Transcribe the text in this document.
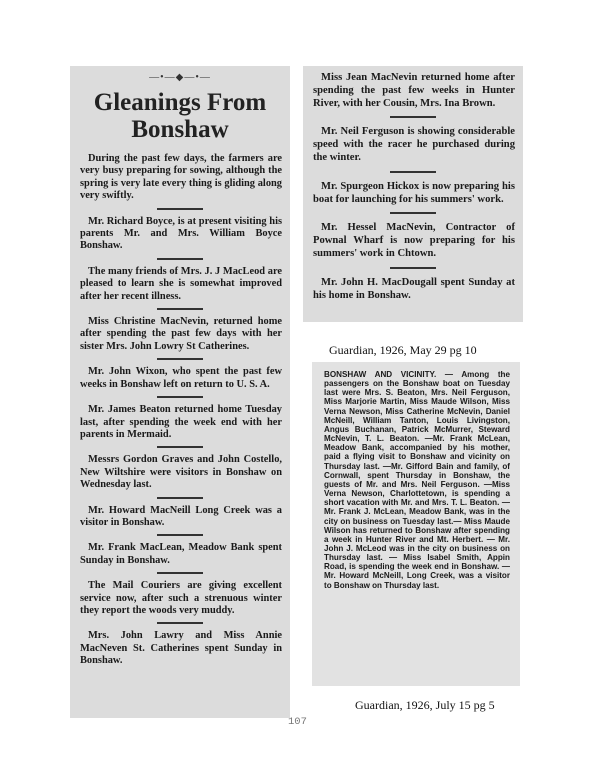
—•—◆—•—
Gleanings From Bonshaw

During the past few days, the farmers are very busy preparing for sowing, although the spring is very late every thing is gliding along very swiftly.

Mr. Richard Boyce, is at present visiting his parents Mr. and Mrs. William Boyce Bonshaw.

The many friends of Mrs. J. J MacLeod are pleased to learn she is somewhat improved after her recent illness.

Miss Christine MacNevin, returned home after spending the past few days with her sister Mrs. John Lowry St Catherines.

Mr. John Wixon, who spent the past few weeks in Bonshaw left on return to U. S. A.

Mr. James Beaton returned home Tuesday last, after spending the week end with her parents in Mermaid.

Messrs Gordon Graves and John Costello, New Wiltshire were visitors in Bonshaw on Wednesday last.

Mr. Howard MacNeill Long Creek was a visitor in Bonshaw.

Mr. Frank MacLean, Meadow Bank spent Sunday in Bonshaw.

The Mail Couriers are giving excellent service now, after such a strenuous winter they report the woods very muddy.

Mrs. John Lawry and Miss Annie MacNeven St. Catherines spent Sunday in Bonshaw.

Miss Jean MacNevin returned home after spending the past few weeks in Hunter River, with her Cousin, Mrs. Ina Brown.

Mr. Neil Ferguson is showing considerable speed with the racer he purchased during the winter.

Mr. Spurgeon Hickox is now preparing his boat for launching for his summers' work.

Mr. Hessel MacNevin, Contractor of Pownal Wharf is now preparing for his summers' work in Chtown.

Mr. John H. MacDougall spent Sunday at his home in Bonshaw.

Guardian, 1926, May 29 pg 10

BONSHAW AND VICINITY. — Among the passengers on the Bonshaw boat on Tuesday last were Mrs. S. Beaton, Mrs. Neil Ferguson, Miss Marjorie Martin, Miss Maude Wilson, Miss Verna Newson, Miss Catherine McNevin, Daniel McNeill, William Tanton, Louis Livingston, Angus Buchanan, Patrick McMurrer, Steward McNevin, T. L. Beaton. —Mr. Frank McLean, Meadow Bank, accompanied by his mother, paid a flying visit to Bonshaw and vicinity on Thursday last. —Mr. Gifford Bain and family, of Cornwall, spent Thursday in Bonshaw, the guests of Mr. and Mrs. Neil Ferguson. —Miss Verna Newson, Charlottetown, is spending a short vacation with Mr. and Mrs. T. L. Beaton. —Mr. Frank J. McLean, Meadow Bank, was in the city on business on Tuesday last.— Miss Maude Wilson has returned to Bonshaw after spending a week in Hunter River and Mt. Herbert. — Mr. John J. McLeod was in the city on business on Thursday last. — Miss Isabel Smith, Appin Road, is spending the week end in Bonshaw. —Mr. Howard McNeill, Long Creek, was a visitor to Bonshaw on Thursday last.

Guardian, 1926, July 15 pg 5
107
